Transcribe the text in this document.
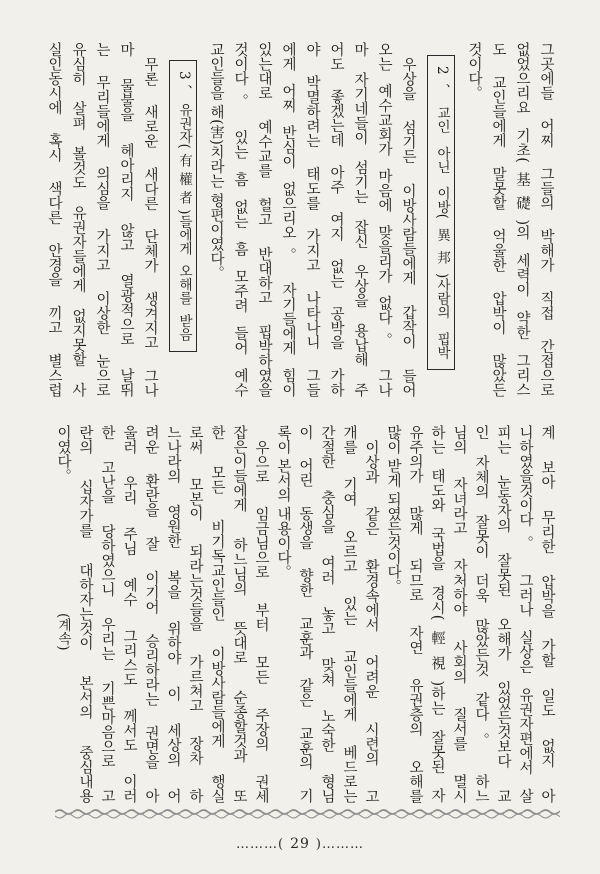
그곳에들 어찌 그들의 박해가 직접 간접으로
없었으리요 기초(基礎)의 세력이 약한 그리스
도 교인들에게 말못할 억울한 압박이 많았든
것이다。
2、교인 아닌 이방(異邦)사람의 핍박
우상을 섬기든 이방사람들에게 갑작이 들어
오는 예수교회가 마음에 맞을리가 없다。 그나
마 자기네들이 섬기는 잡신 우상을 용납해 주
어도 좋겠는데 아주 여지 없는 공박을 가하
야 박멸하려는 태도를 가지고 나타나니 그들
에게 어찌 반심이 없으리오。 자기들에게 힘이
있는대로 예수교를 헐고 반대하고 핍박하였을
것이다。 있는 흠 없는 흠 모주려 들어 예수
교인들을 해(害)치라는 형편이였다。
3、유권자(有權者)들에게 오해를 받음
무론 새로운 새다른 단체가 생겨지고 그나
마 물불을 헤아리지 않고 열광적으로 날뛰
는 무리들에게 의심을 가지고 이상한 눈으로
유심히 살펴 볼것도 유권자들에게 없지못할 사
실인동시에 혹시 색다른 안경을 끼고 별스럽
계 보아 무리한 압박을 가할 일도 없지 아
니하였을것이다。 그러나 실상은 유권자편에서 살
피는 눈동자의 잘못된 오해가 있었든것보다 교
인 자체의 잘못이 더욱 많았든것 같다。 하느
님의 자녀라고 자처하야 사회의 질서를 멸시
하는 태도와 국법을 경시(輕視)하는 잘못된 자
유주의가 많게 되므로 자연 유권층의 오해를
많이 받게 되였든것이다。
이상과 같은 환경속에서 어려운 시련의 고
개를 기여 오르고 있는 교인들에게 베드로는
간절한 충심을 여러 놓고 맞쳐 노숙한 형님
이 어린 동생을 향한 교훈과 같은 교훈의 기
록이 본서의 내용이다。
우으로 임금님으로 부터 모든 주장의 권세
잡은이들에게 하느님의 뜻대로 순종할것과 또
한 모든 비기독교인들인 이방사람들에게 행실
로써 모본이 되라는것들을 가르쳐고 장차 하
느나라의 영원한 복을 위하야 이 세상의 어
려운 환란을 잘 이기어 승리하라는 권면을 아
울러 우리 주님 예수 그리스도 께서도 이러
한 고난을 당하였으니 우리는 기쁜마음으로 고
란의 십자가를 대하자는것이 본서의 중심내용
이였다。
(계속)
………( 29 )………
